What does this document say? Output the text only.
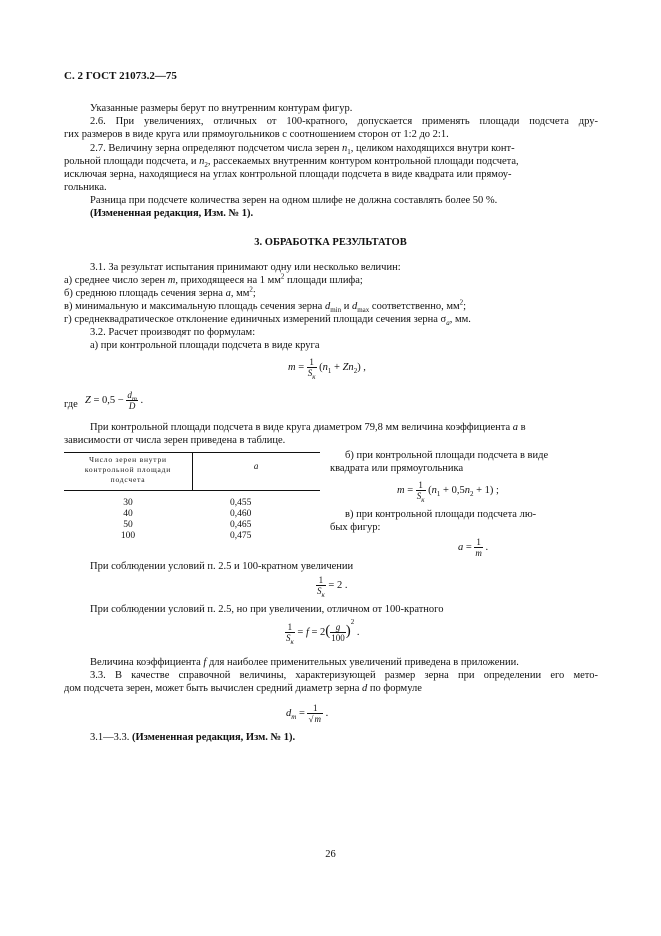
С. 2 ГОСТ 21073.2—75
Указанные размеры берут по внутренним контурам фигур.
2.6. При увеличениях, отличных от 100-кратного, допускается применять площади подсчета дру-
гих размеров в виде круга или прямоугольников с соотношением сторон от 1:2 до 2:1.
2.7. Величину зерна определяют подсчетом числа зерен $n_1$, целиком находящихся внутри конт-
рольной площади подсчета, и $n_2$, рассекаемых внутренним контуром контрольной площади подсчета,
исключая зерна, находящиеся на углах контрольной площади подсчета в виде квадрата или прямоу-
гольника.
Разница при подсчете количества зерен на одном шлифе не должна составлять более 50 %.
(Измененная редакция, Изм. № 1).
3. ОБРАБОТКА РЕЗУЛЬТАТОВ
3.1. За результат испытания принимают одну или несколько величин:
а) среднее число зерен m, приходящееся на 1 $мм^2$ площади шлифа;
б) среднюю площадь сечения зерна a, $мм^2$;
в) минимальную и максимальную площадь сечения зерна $d_{min}$ и $d_{max}$ соответственно, $мм^2$;
г) среднеквадратическое отклонение единичных измерений площади сечения зерна $\sigma_a$, мм.
3.2. Расчет производят по формулам:
а) при контрольной площади подсчета в виде круга
$m = \frac{1}{S_к} (n_1 + Zn_2)$ ,
где $Z = 0,5 - \frac{d_m}{D}$ .
При контрольной площади подсчета в виде круга диаметром 79,8 мм величина коэффициента a в
зависимости от числа зерен приведена в таблице.
Число зерен внутри
контрольной площади
подсчета
a
30	0,455
40	0,460
50	0,465
100	0,475
б) при контрольной площади подсчета в виде
квадрата или прямоугольника
$m = \frac{1}{S_к} (n_1 + 0,5n_2 + 1)$ ;
в) при контрольной площади подсчета лю-
бых фигур:
$a = \frac{1}{m}$ .
При соблюдении условий п. 2.5 и 100-кратном увеличении
$\frac{1}{S_к} = 2$ .
При соблюдении условий п. 2.5, но при увеличении, отличном от 100-кратного
$\frac{1}{S_к} = f = 2( \frac{g}{100} )^2$ .
Величина коэффициента f для наиболее применительных увеличений приведена в приложении.
3.3. В качестве справочной величины, характеризующей размер зерна при определении его мето-
дом подсчета зерен, может быть вычислен средний диаметр зерна d по формуле
$d_m = \frac{1}{√m}$ .
3.1—3.3. (Измененная редакция, Изм. № 1).
26
